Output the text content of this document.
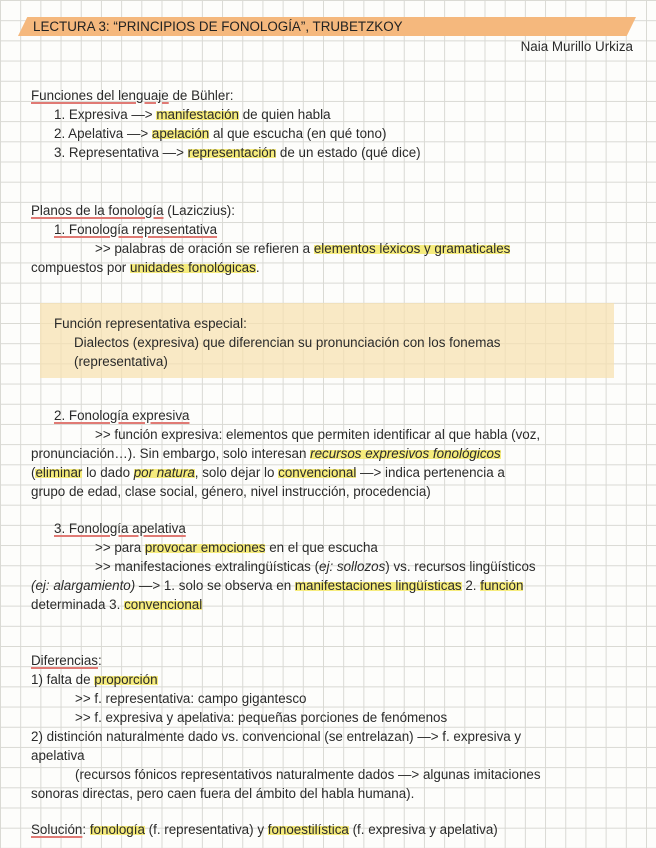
LECTURA 3: “PRINCIPIOS DE FONOLOGÍA”, TRUBETZKOY
Naia Murillo Urkiza
Funciones del lenguaje de Bühler:
1. Expresiva —> manifestación de quien habla
2. Apelativa —> apelación al que escucha (en qué tono)
3. Representativa —> representación de un estado (qué dice)
Planos de la fonología (Laziczius):
1. Fonología representativa
>> palabras de oración se refieren a elementos léxicos y gramaticales
compuestos por unidades fonológicas.
Función representativa especial:
Dialectos (expresiva) que diferencian su pronunciación con los fonemas
(representativa)
2. Fonología expresiva
>> función expresiva: elementos que permiten identificar al que habla (voz,
pronunciación…). Sin embargo, solo interesan recursos expresivos fonológicos
(eliminar lo dado por natura, solo dejar lo convencional —> indica pertenencia a
grupo de edad, clase social, género, nivel instrucción, procedencia)
3. Fonología apelativa
>> para provocar emociones en el que escucha
>> manifestaciones extralingüísticas (ej: sollozos) vs. recursos lingüísticos
(ej: alargamiento) —> 1. solo se observa en manifestaciones lingüísticas 2. función
determinada 3. convencional
Diferencias:
1) falta de proporción
>> f. representativa: campo gigantesco
>> f. expresiva y apelativa: pequeñas porciones de fenómenos
2) distinción naturalmente dado vs. convencional (se entrelazan) —> f. expresiva y
apelativa
(recursos fónicos representativos naturalmente dados —> algunas imitaciones
sonoras directas, pero caen fuera del ámbito del habla humana).
Solución: fonología (f. representativa) y fonoestilística (f. expresiva y apelativa)
